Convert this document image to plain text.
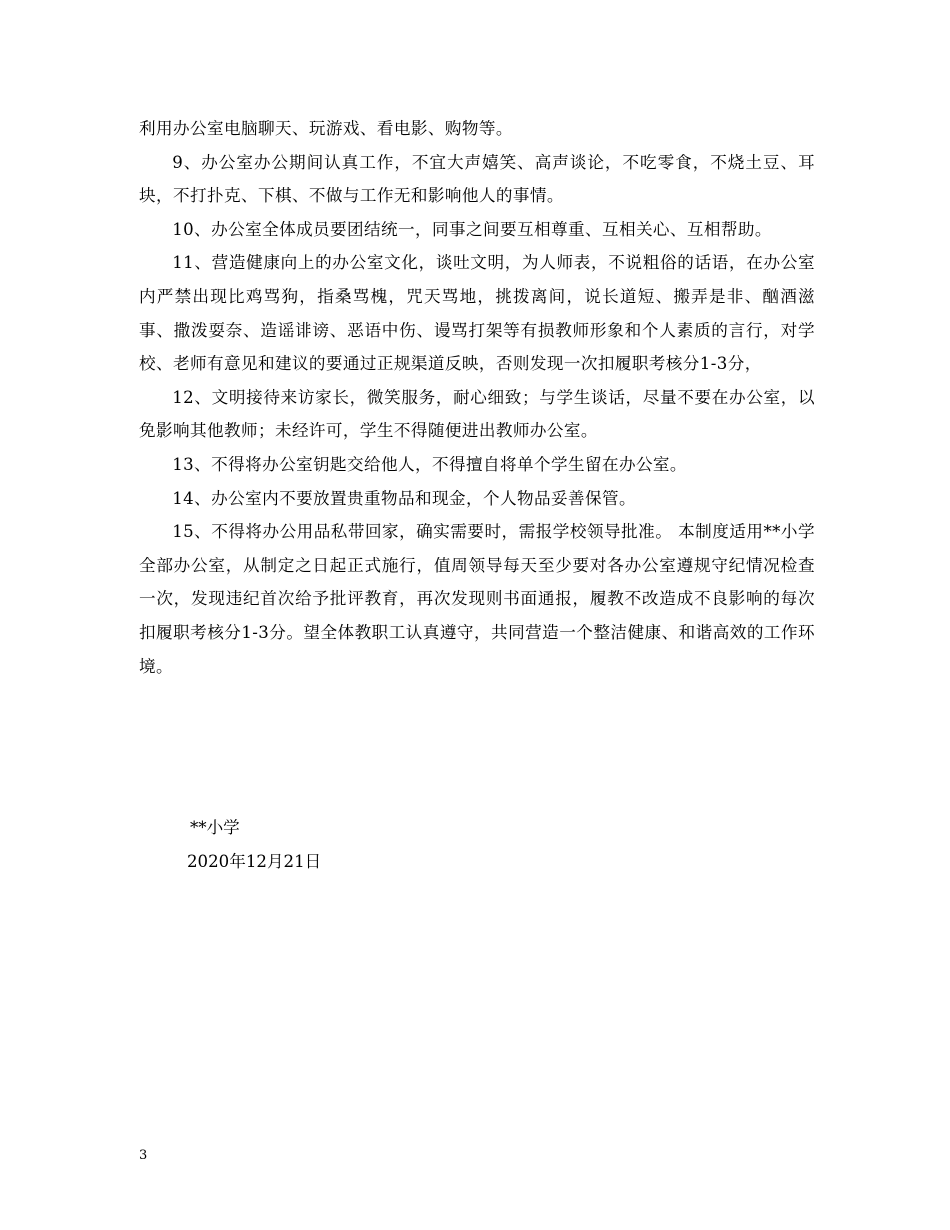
利用办公室电脑聊天、玩游戏、看电影、购物等。

9、办公室办公期间认真工作，不宜大声嬉笑、高声谈论，不吃零食，不烧土豆、耳块，不打扑克、下棋、不做与工作无和影响他人的事情。

10、办公室全体成员要团结统一，同事之间要互相尊重、互相关心、互相帮助。

11、营造健康向上的办公室文化，谈吐文明，为人师表，不说粗俗的话语，在办公室内严禁出现比鸡骂狗，指桑骂槐，咒天骂地，挑拨离间，说长道短、搬弄是非、酗酒滋事、撒泼耍奈、造谣诽谤、恶语中伤、谩骂打架等有损教师形象和个人素质的言行，对学校、老师有意见和建议的要通过正规渠道反映，否则发现一次扣履职考核分1-3分，

12、文明接待来访家长，微笑服务，耐心细致；与学生谈话，尽量不要在办公室，以免影响其他教师；未经许可，学生不得随便进出教师办公室。

13、不得将办公室钥匙交给他人，不得擅自将单个学生留在办公室。

14、办公室内不要放置贵重物品和现金，个人物品妥善保管。

15、不得将办公用品私带回家，确实需要时，需报学校领导批准。 本制度适用**小学全部办公室，从制定之日起正式施行，值周领导每天至少要对各办公室遵规守纪情况检查一次，发现违纪首次给予批评教育，再次发现则书面通报，履教不改造成不良影响的每次扣履职考核分1-3分。望全体教职工认真遵守，共同营造一个整洁健康、和谐高效的工作环境。

**小学
2020年12月21日
3
